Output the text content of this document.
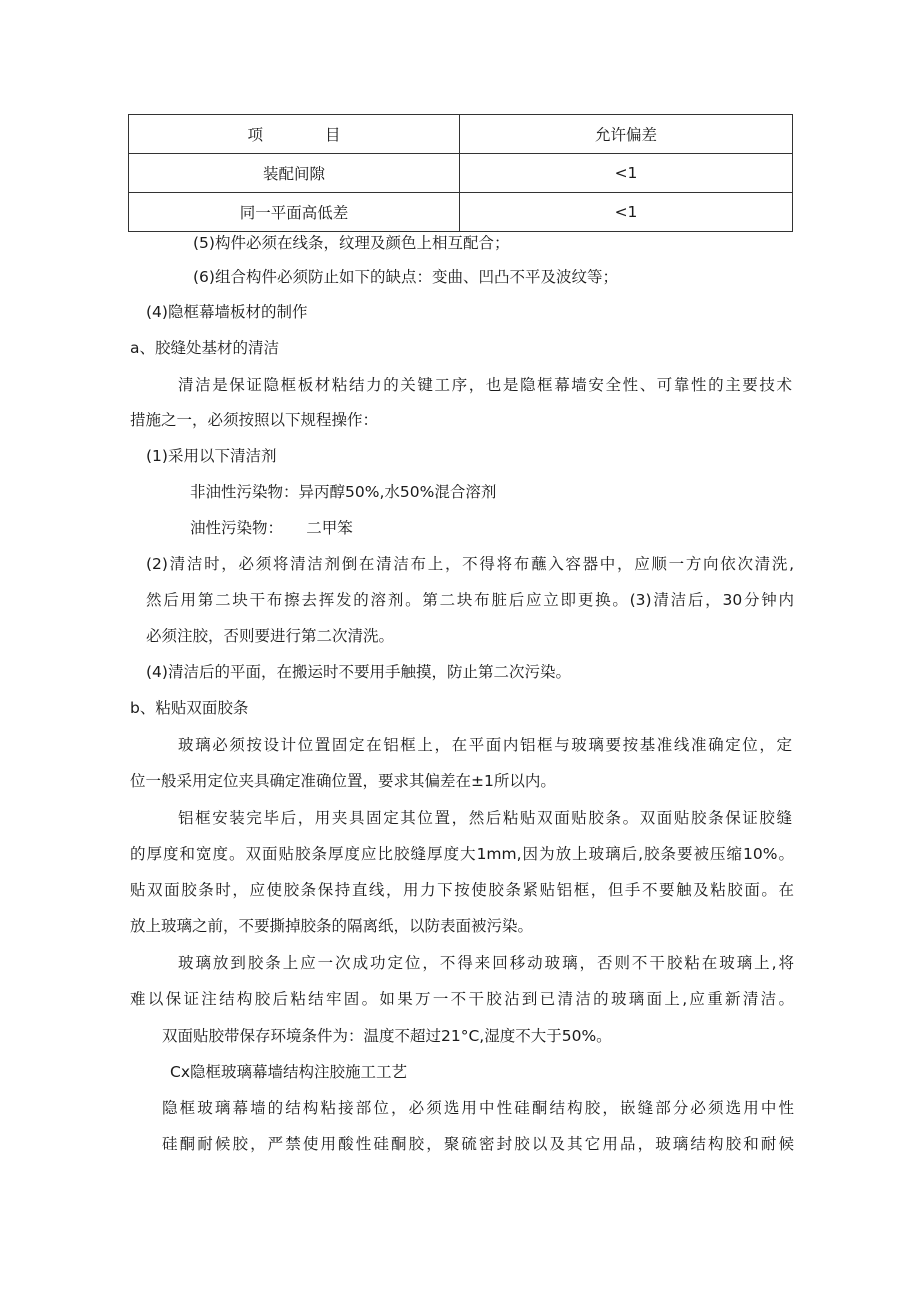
项　　　　目	允许偏差
装配间隙	<1
同一平面高低差	<1
(5)构件必须在线条，纹理及颜色上相互配合；
(6)组合构件必须防止如下的缺点：变曲、凹凸不平及波纹等；
(4)隐框幕墙板材的制作
a、胶缝处基材的清洁
清洁是保证隐框板材粘结力的关键工序，也是隐框幕墙安全性、可靠性的主要技术
措施之一，必须按照以下规程操作：
(1)采用以下清洁剂
非油性污染物：异丙醇50%,水50%混合溶剂
油性污染物：　　二甲笨
(2)清洁时，必须将清洁剂倒在清洁布上，不得将布蘸入容器中，应顺一方向依次清洗,
然后用第二块干布擦去挥发的溶剂。第二块布脏后应立即更换。(3)清洁后，30分钟内
必须注胶，否则要进行第二次清洗。
(4)清洁后的平面，在搬运时不要用手触摸，防止第二次污染。
b、粘贴双面胶条
玻璃必须按设计位置固定在铝框上，在平面内铝框与玻璃要按基准线准确定位，定
位一般采用定位夹具确定准确位置，要求其偏差在±1所以内。
铝框安装完毕后，用夹具固定其位置，然后粘贴双面贴胶条。双面贴胶条保证胶缝
的厚度和宽度。双面贴胶条厚度应比胶缝厚度大1mm,因为放上玻璃后,胶条要被压缩10%。
贴双面胶条时，应使胶条保持直线，用力下按使胶条紧贴铝框，但手不要触及粘胶面。在
放上玻璃之前，不要撕掉胶条的隔离纸，以防表面被污染。
玻璃放到胶条上应一次成功定位，不得来回移动玻璃，否则不干胶粘在玻璃上,将
难以保证注结构胶后粘结牢固。如果万一不干胶沾到已清洁的玻璃面上,应重新清洁。
双面贴胶带保存环境条件为：温度不超过21°C,湿度不大于50%。
Cx隐框玻璃幕墙结构注胶施工工艺
隐框玻璃幕墙的结构粘接部位，必须选用中性硅酮结构胶，嵌缝部分必须选用中性
硅酮耐候胶，严禁使用酸性硅酮胶，聚硫密封胶以及其它用品，玻璃结构胶和耐候
